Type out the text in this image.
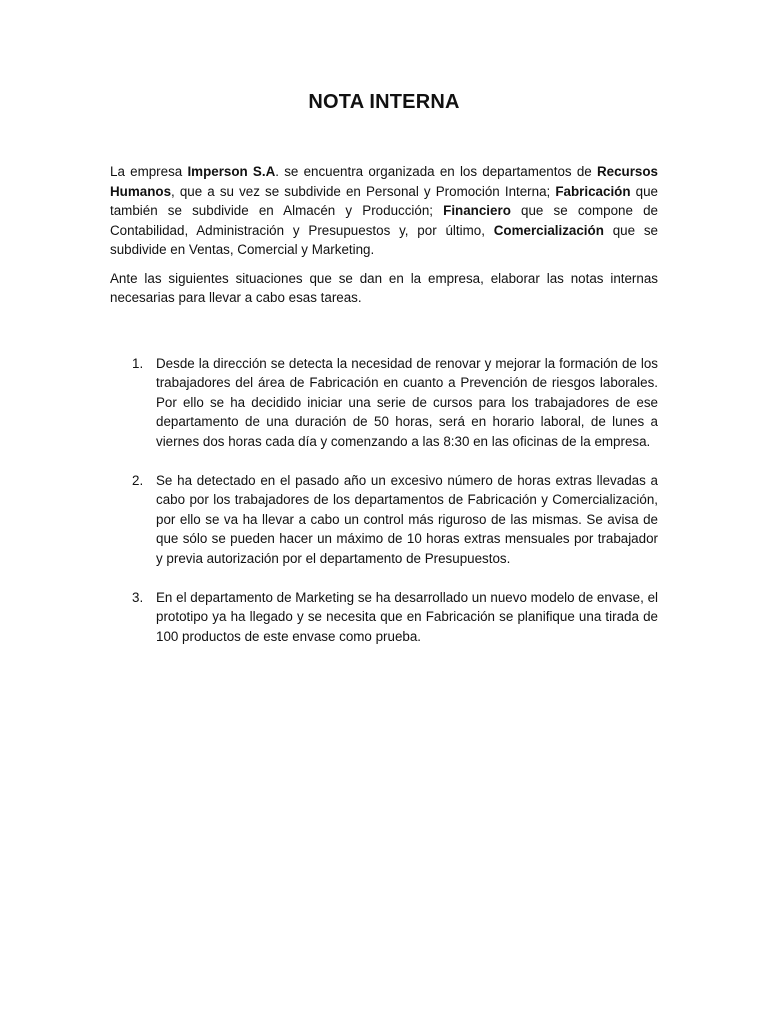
NOTA INTERNA

La empresa Imperson S.A. se encuentra organizada en los departamentos de Recursos Humanos, que a su vez se subdivide en Personal y Promoción Interna; Fabricación que también se subdivide en Almacén y Producción; Financiero que se compone de Contabilidad, Administración y Presupuestos y, por último, Comercialización que se subdivide en Ventas, Comercial y Marketing.

Ante las siguientes situaciones que se dan en la empresa, elaborar las notas internas necesarias para llevar a cabo esas tareas.

1. Desde la dirección se detecta la necesidad de renovar y mejorar la formación de los trabajadores del área de Fabricación en cuanto a Prevención de riesgos laborales. Por ello se ha decidido iniciar una serie de cursos para los trabajadores de ese departamento de una duración de 50 horas, será en horario laboral, de lunes a viernes dos horas cada día y comenzando a las 8:30 en las oficinas de la empresa.
2. Se ha detectado en el pasado año un excesivo número de horas extras llevadas a cabo por los trabajadores de los departamentos de Fabricación y Comercialización, por ello se va ha llevar a cabo un control más riguroso de las mismas. Se avisa de que sólo se pueden hacer un máximo de 10 horas extras mensuales por trabajador y previa autorización por el departamento de Presupuestos.
3. En el departamento de Marketing se ha desarrollado un nuevo modelo de envase, el prototipo ya ha llegado y se necesita que en Fabricación se planifique una tirada de 100 productos de este envase como prueba.
